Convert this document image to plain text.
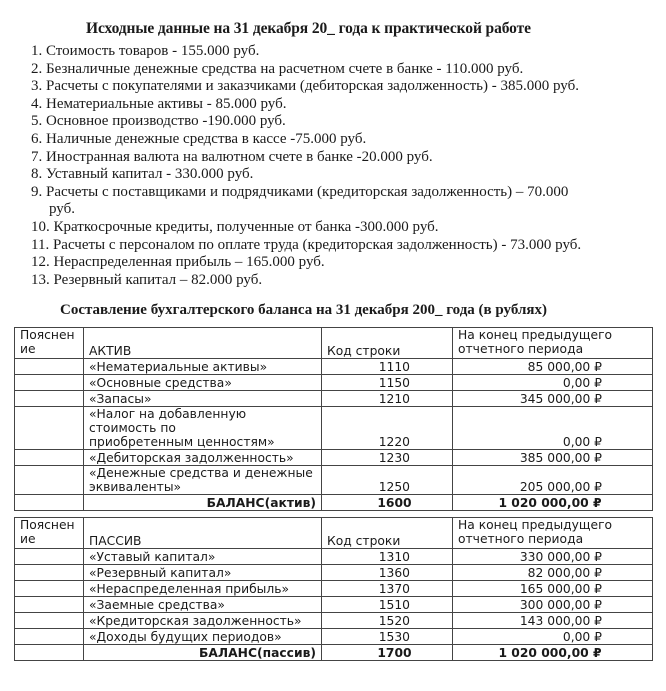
Исходные данные на 31 декабря 20_ года к практической работе
1. Стоимость товаров - 155.000 руб.
2. Безналичные денежные средства на расчетном счете в банке - 110.000 руб.
3. Расчеты с покупателями и заказчиками (дебиторская задолженность) - 385.000 руб.
4. Нематериальные активы - 85.000 руб.
5. Основное производство -190.000 руб.
6. Наличные денежные средства в кассе -75.000 руб.
7. Иностранная валюта на валютном счете в банке -20.000 руб.
8. Уставный капитал - 330.000 руб.
9. Расчеты с поставщиками и подрядчиками (кредиторская задолженность) – 70.000
руб.
10. Краткосрочные кредиты, полученные от банка -300.000 руб.
11. Расчеты с персоналом по оплате труда (кредиторская задолженность) - 73.000 руб.
12. Нераспределенная прибыль – 165.000 руб.
13. Резервный капитал – 82.000 руб.
Составление бухгалтерского баланса на 31 декабря 200_ года (в рублях)
Пояснен ие	АКТИВ	Код строки	На конец предыдущего отчетного периода
	«Нематериальные активы»	1110	85 000,00 ₽
	«Основные средства»	1150	0,00 ₽
	«Запасы»	1210	345 000,00 ₽
	«Налог на добавленную стоимость по приобретенным ценностям»	1220	0,00 ₽
	«Дебиторская задолженность»	1230	385 000,00 ₽
	«Денежные средства и денежные эквиваленты»	1250	205 000,00 ₽
	БАЛАНС(актив)	1600	1 020 000,00 ₽
Пояснен ие	ПАССИВ	Код строки	На конец предыдущего отчетного периода
	«Уставый капитал»	1310	330 000,00 ₽
	«Резервный капитал»	1360	82 000,00 ₽
	«Нераспределенная прибыль»	1370	165 000,00 ₽
	«Заемные средства»	1510	300 000,00 ₽
	«Кредиторская задолженность»	1520	143 000,00 ₽
	«Доходы будущих периодов»	1530	0,00 ₽
	БАЛАНС(пассив)	1700	1 020 000,00 ₽
